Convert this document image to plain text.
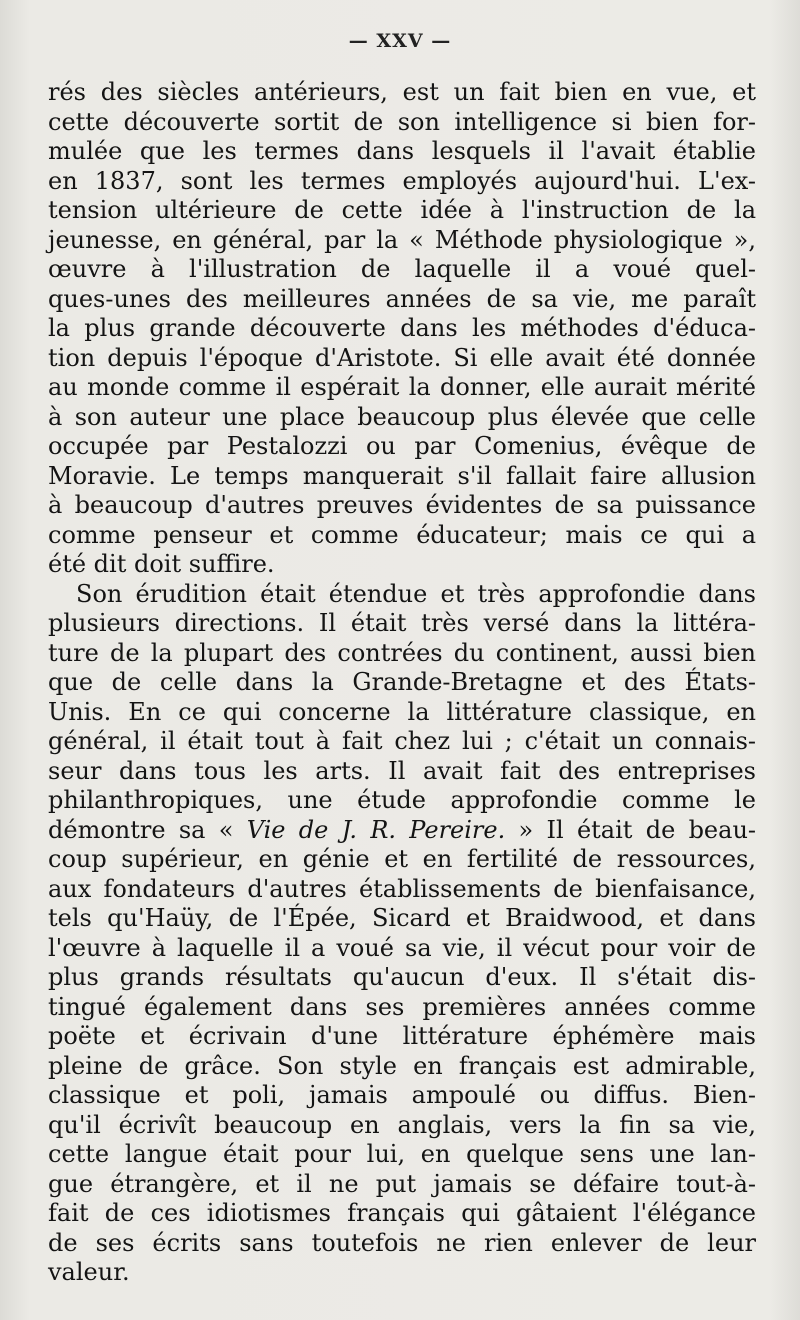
— XXV —
rés des siècles antérieurs, est un fait bien en vue, et
cette découverte sortit de son intelligence si bien for-
mulée que les termes dans lesquels il l'avait établie
en 1837, sont les termes employés aujourd'hui. L'ex-
tension ultérieure de cette idée à l'instruction de la
jeunesse, en général, par la « Méthode physiologique »,
œuvre à l'illustration de laquelle il a voué quel-
ques-unes des meilleures années de sa vie, me paraît
la plus grande découverte dans les méthodes d'éduca-
tion depuis l'époque d'Aristote. Si elle avait été donnée
au monde comme il espérait la donner, elle aurait mérité
à son auteur une place beaucoup plus élevée que celle
occupée par Pestalozzi ou par Comenius, évêque de
Moravie. Le temps manquerait s'il fallait faire allusion
à beaucoup d'autres preuves évidentes de sa puissance
comme penseur et comme éducateur; mais ce qui a
été dit doit suffire.
Son érudition était étendue et très approfondie dans
plusieurs directions. Il était très versé dans la littéra-
ture de la plupart des contrées du continent, aussi bien
que de celle dans la Grande-Bretagne et des États-
Unis. En ce qui concerne la littérature classique, en
général, il était tout à fait chez lui ; c'était un connais-
seur dans tous les arts. Il avait fait des entreprises
philanthropiques, une étude approfondie comme le
démontre sa « Vie de J. R. Pereire. » Il était de beau-
coup supérieur, en génie et en fertilité de ressources,
aux fondateurs d'autres établissements de bienfaisance,
tels qu'Haüy, de l'Épée, Sicard et Braidwood, et dans
l'œuvre à laquelle il a voué sa vie, il vécut pour voir de
plus grands résultats qu'aucun d'eux. Il s'était dis-
tingué également dans ses premières années comme
poëte et écrivain d'une littérature éphémère mais
pleine de grâce. Son style en français est admirable,
classique et poli, jamais ampoulé ou diffus. Bien-
qu'il écrivît beaucoup en anglais, vers la fin sa vie,
cette langue était pour lui, en quelque sens une lan-
gue étrangère, et il ne put jamais se défaire tout-à-
fait de ces idiotismes français qui gâtaient l'élégance
de ses écrits sans toutefois ne rien enlever de leur
valeur.
